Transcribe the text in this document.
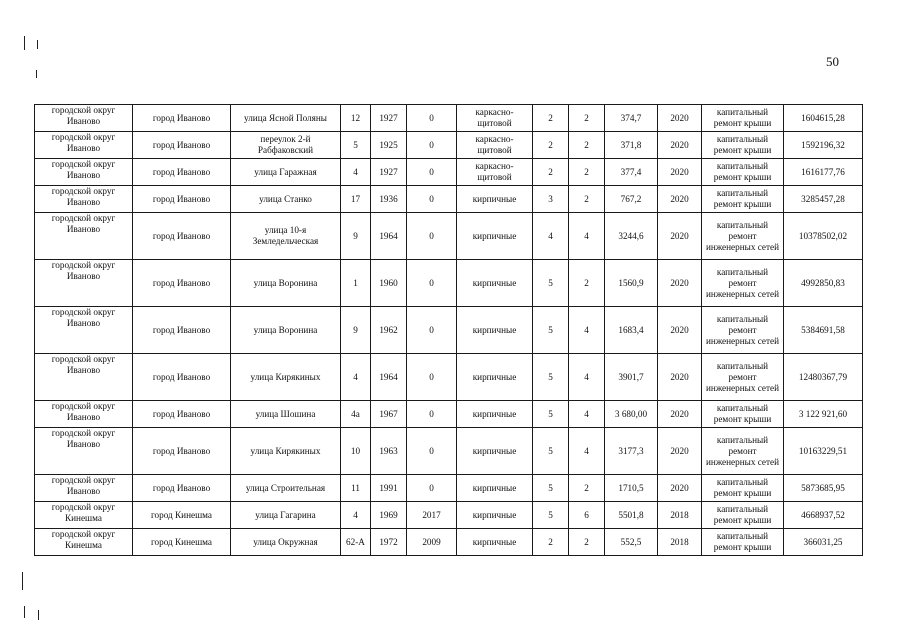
50
городской округ Иваново	город Иваново	улица Ясной Поляны	12	1927	0	каркасно-щитовой	2	2	374,7	2020	капитальный ремонт крыши	1604615,28
городской округ Иваново	город Иваново	переулок 2-й Рабфаковский	5	1925	0	каркасно-щитовой	2	2	371,8	2020	капитальный ремонт крыши	1592196,32
городской округ Иваново	город Иваново	улица Гаражная	4	1927	0	каркасно-щитовой	2	2	377,4	2020	капитальный ремонт крыши	1616177,76
городской округ Иваново	город Иваново	улица Станко	17	1936	0	кирпичные	3	2	767,2	2020	капитальный ремонт крыши	3285457,28
городской округ Иваново	город Иваново	улица 10-я Земледельческая	9	1964	0	кирпичные	4	4	3244,6	2020	капитальный ремонт инженерных сетей	10378502,02
городской округ Иваново	город Иваново	улица Воронина	1	1960	0	кирпичные	5	2	1560,9	2020	капитальный ремонт инженерных сетей	4992850,83
городской округ Иваново	город Иваново	улица Воронина	9	1962	0	кирпичные	5	4	1683,4	2020	капитальный ремонт инженерных сетей	5384691,58
городской округ Иваново	город Иваново	улица Кирякиных	4	1964	0	кирпичные	5	4	3901,7	2020	капитальный ремонт инженерных сетей	12480367,79
городской округ Иваново	город Иваново	улица Шошина	4а	1967	0	кирпичные	5	4	3 680,00	2020	капитальный ремонт крыши	3 122 921,60
городской округ Иваново	город Иваново	улица Кирякиных	10	1963	0	кирпичные	5	4	3177,3	2020	капитальный ремонт инженерных сетей	10163229,51
городской округ Иваново	город Иваново	улица Строительная	11	1991	0	кирпичные	5	2	1710,5	2020	капитальный ремонт крыши	5873685,95
городской округ Кинешма	город Кинешма	улица Гагарина	4	1969	2017	кирпичные	5	6	5501,8	2018	капитальный ремонт крыши	4668937,52
городской округ Кинешма	город Кинешма	улица Окружная	62-А	1972	2009	кирпичные	2	2	552,5	2018	капитальный ремонт крыши	366031,25
